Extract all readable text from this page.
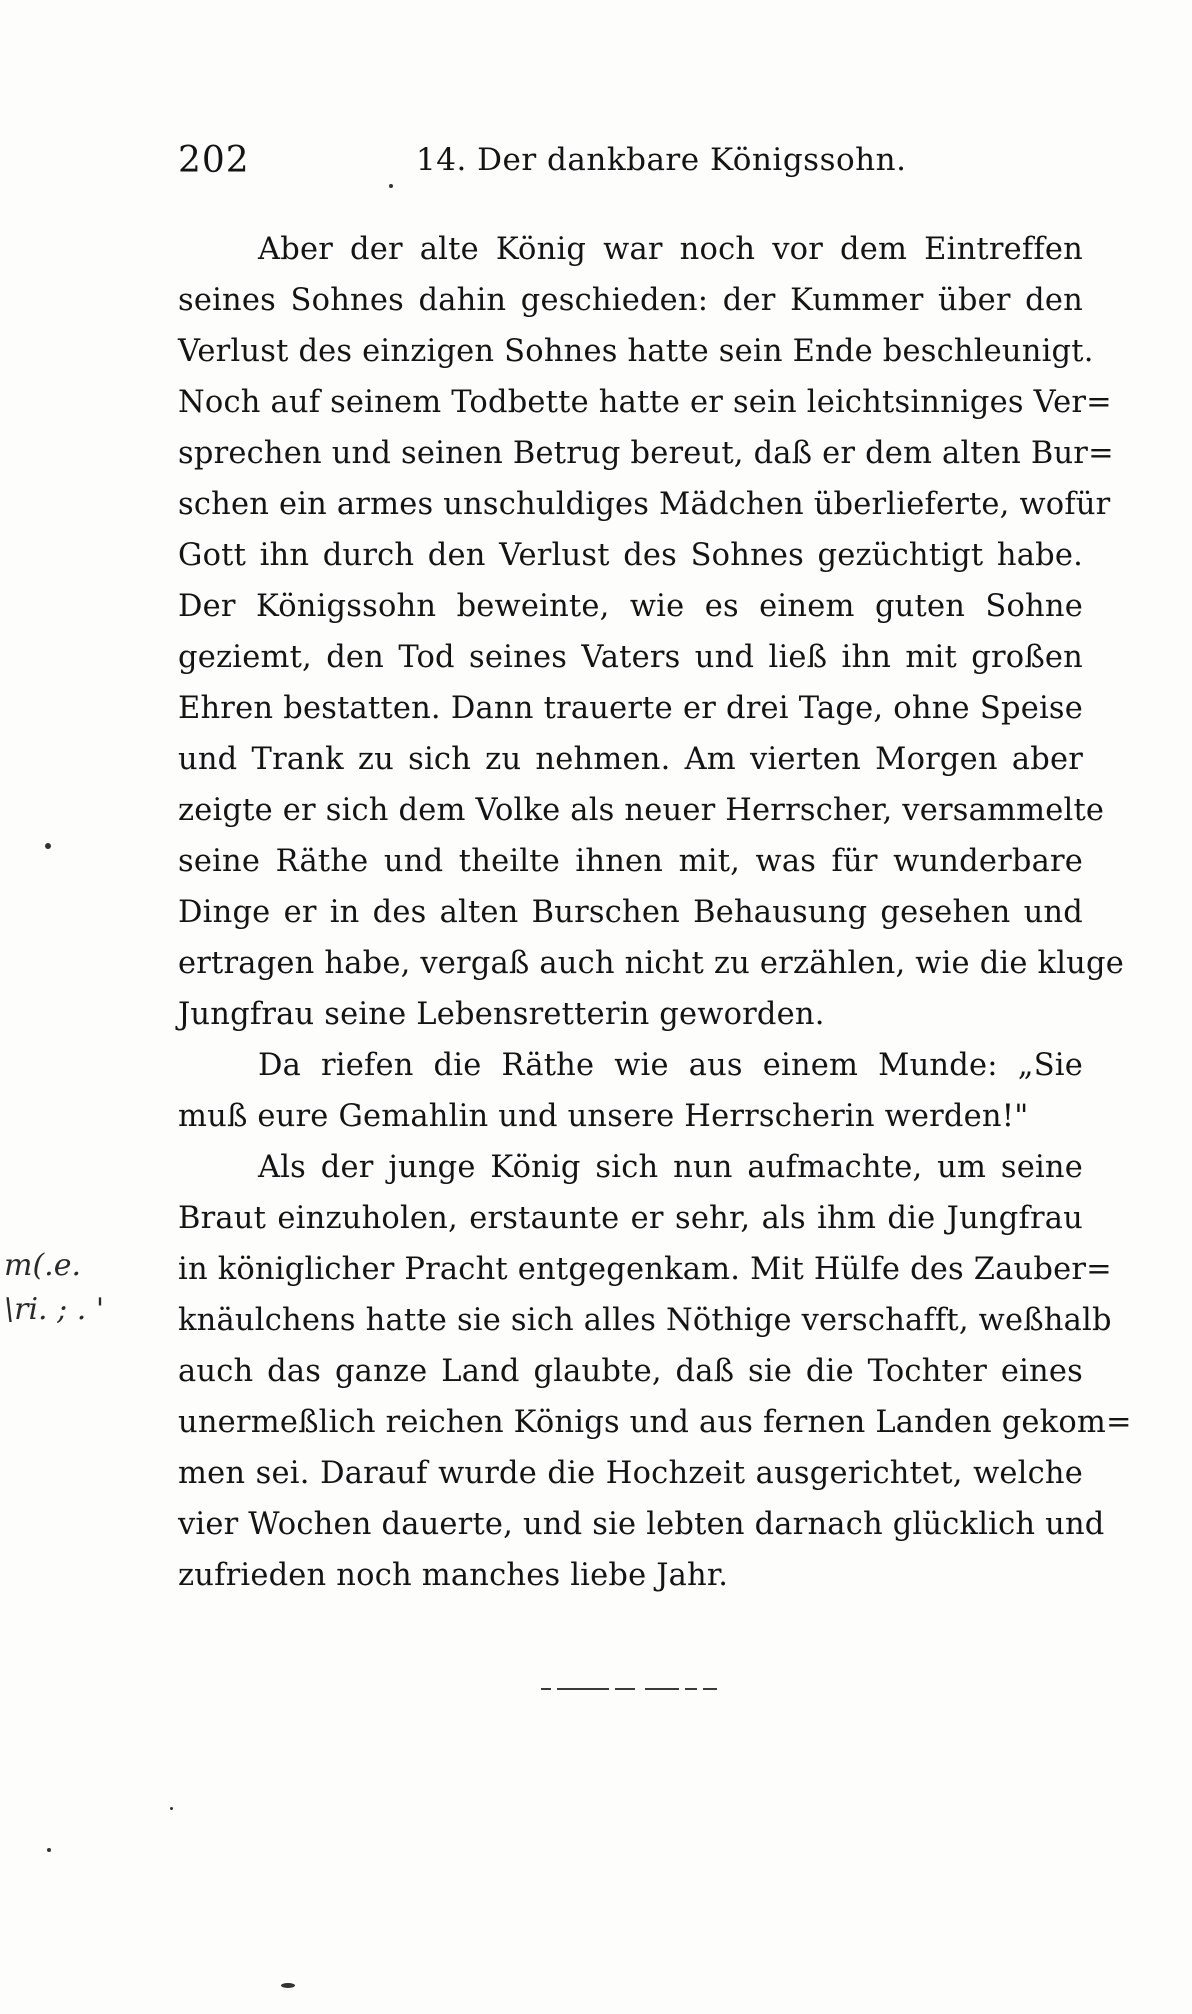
202	14. Der dankbare Königssohn.
Aber der alte König war noch vor dem Eintreffen
seines Sohnes dahin geschieden: der Kummer über den
Verlust des einzigen Sohnes hatte sein Ende beschleunigt.
Noch auf seinem Todbette hatte er sein leichtsinniges Ver=
sprechen und seinen Betrug bereut, daß er dem alten Bur=
schen ein armes unschuldiges Mädchen überlieferte, wofür
Gott ihn durch den Verlust des Sohnes gezüchtigt habe.
Der Königssohn beweinte, wie es einem guten Sohne
geziemt, den Tod seines Vaters und ließ ihn mit großen
Ehren bestatten. Dann trauerte er drei Tage, ohne Speise
und Trank zu sich zu nehmen. Am vierten Morgen aber
zeigte er sich dem Volke als neuer Herrscher, versammelte
seine Räthe und theilte ihnen mit, was für wunderbare
Dinge er in des alten Burschen Behausung gesehen und
ertragen habe, vergaß auch nicht zu erzählen, wie die kluge
Jungfrau seine Lebensretterin geworden.
Da riefen die Räthe wie aus einem Munde: „Sie
muß eure Gemahlin und unsere Herrscherin werden!"
Als der junge König sich nun aufmachte, um seine
Braut einzuholen, erstaunte er sehr, als ihm die Jungfrau
in königlicher Pracht entgegenkam. Mit Hülfe des Zauber=
knäulchens hatte sie sich alles Nöthige verschafft, weßhalb
auch das ganze Land glaubte, daß sie die Tochter eines
unermeßlich reichen Königs und aus fernen Landen gekom=
men sei. Darauf wurde die Hochzeit ausgerichtet, welche
vier Wochen dauerte, und sie lebten darnach glücklich und
zufrieden noch manches liebe Jahr.
m(.e.
\ri. ; . '
